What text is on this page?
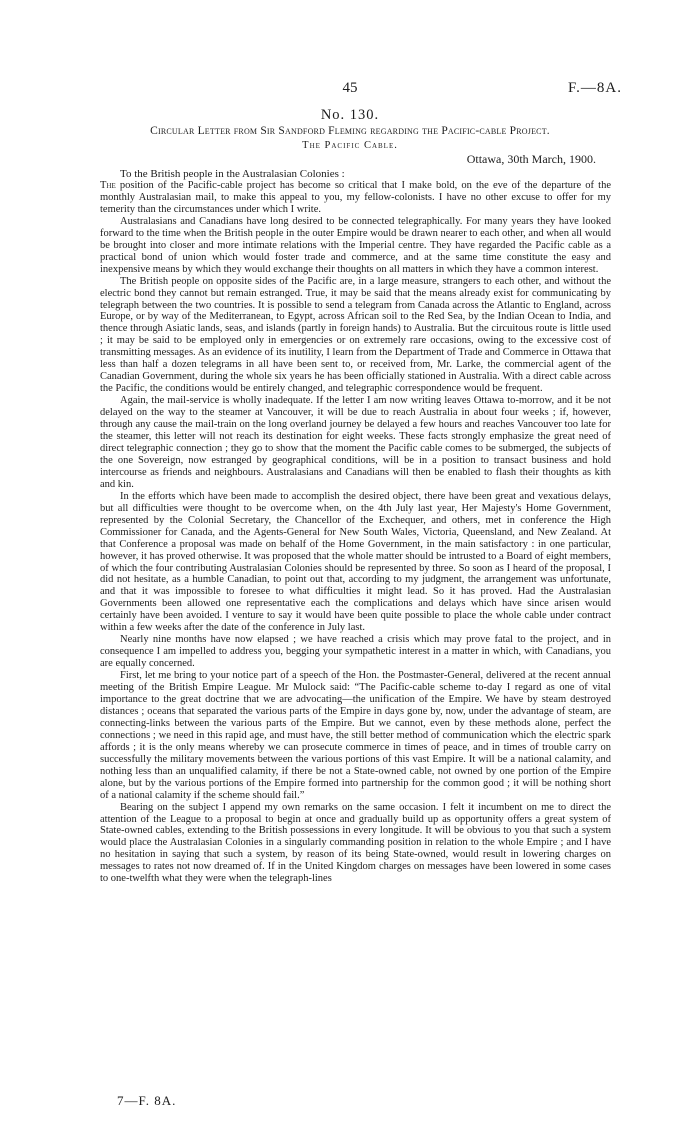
45	F.—8A.
No. 130.
Circular Letter from Sir Sandford Fleming regarding the Pacific-cable Project.
The Pacific Cable.
Ottawa, 30th March, 1900.
To the British people in the Australasian Colonies :

The position of the Pacific-cable project has become so critical that I make bold, on the eve of the departure of the monthly Australasian mail, to make this appeal to you, my fellow-colonists. I have no other excuse to offer for my temerity than the circumstances under which I write.

Australasians and Canadians have long desired to be connected telegraphically. For many years they have looked forward to the time when the British people in the outer Empire would be drawn nearer to each other, and when all would be brought into closer and more intimate relations with the Imperial centre. They have regarded the Pacific cable as a practical bond of union which would foster trade and commerce, and at the same time constitute the easy and inexpensive means by which they would exchange their thoughts on all matters in which they have a common interest.

The British people on opposite sides of the Pacific are, in a large measure, strangers to each other, and without the electric bond they cannot but remain estranged. True, it may be said that the means already exist for communicating by telegraph between the two countries. It is possible to send a telegram from Canada across the Atlantic to England, across Europe, or by way of the Mediterranean, to Egypt, across African soil to the Red Sea, by the Indian Ocean to India, and thence through Asiatic lands, seas, and islands (partly in foreign hands) to Australia. But the circuitous route is little used ; it may be said to be employed only in emergencies or on extremely rare occasions, owing to the excessive cost of transmitting messages. As an evidence of its inutility, I learn from the Department of Trade and Commerce in Ottawa that less than half a dozen telegrams in all have been sent to, or received from, Mr. Larke, the commercial agent of the Canadian Government, during the whole six years he has been officially stationed in Australia. With a direct cable across the Pacific, the conditions would be entirely changed, and telegraphic correspondence would be frequent.

Again, the mail-service is wholly inadequate. If the letter I am now writing leaves Ottawa to-morrow, and it be not delayed on the way to the steamer at Vancouver, it will be due to reach Australia in about four weeks ; if, however, through any cause the mail-train on the long overland journey be delayed a few hours and reaches Vancouver too late for the steamer, this letter will not reach its destination for eight weeks. These facts strongly emphasize the great need of direct telegraphic connection ; they go to show that the moment the Pacific cable comes to be submerged, the subjects of the one Sovereign, now estranged by geographical conditions, will be in a position to transact business and hold intercourse as friends and neighbours. Australasians and Canadians will then be enabled to flash their thoughts as kith and kin.

In the efforts which have been made to accomplish the desired object, there have been great and vexatious delays, but all difficulties were thought to be overcome when, on the 4th July last year, Her Majesty's Home Government, represented by the Colonial Secretary, the Chancellor of the Exchequer, and others, met in conference the High Commissioner for Canada, and the Agents-General for New South Wales, Victoria, Queensland, and New Zealand. At that Conference a proposal was made on behalf of the Home Government, in the main satisfactory : in one particular, however, it has proved otherwise. It was proposed that the whole matter should be intrusted to a Board of eight members, of which the four contributing Australasian Colonies should be represented by three. So soon as I heard of the proposal, I did not hesitate, as a humble Canadian, to point out that, according to my judgment, the arrangement was unfortunate, and that it was impossible to foresee to what difficulties it might lead. So it has proved. Had the Australasian Governments been allowed one representative each the complications and delays which have since arisen would certainly have been avoided. I venture to say it would have been quite possible to place the whole cable under contract within a few weeks after the date of the conference in July last.

Nearly nine months have now elapsed ; we have reached a crisis which may prove fatal to the project, and in consequence I am impelled to address you, begging your sympathetic interest in a matter in which, with Canadians, you are equally concerned.

First, let me bring to your notice part of a speech of the Hon. the Postmaster-General, delivered at the recent annual meeting of the British Empire League. Mr Mulock said: “The Pacific-cable scheme to-day I regard as one of vital importance to the great doctrine that we are advocating—the unification of the Empire. We have by steam destroyed distances ; oceans that separated the various parts of the Empire in days gone by, now, under the advantage of steam, are connecting-links between the various parts of the Empire. But we cannot, even by these methods alone, perfect the connections ; we need in this rapid age, and must have, the still better method of communication which the electric spark affords ; it is the only means whereby we can prosecute commerce in times of peace, and in times of trouble carry on successfully the military movements between the various portions of this vast Empire. It will be a national calamity, and nothing less than an unqualified calamity, if there be not a State-owned cable, not owned by one portion of the Empire alone, but by the various portions of the Empire formed into partnership for the common good ; it will be nothing short of a national calamity if the scheme should fail.”

Bearing on the subject I append my own remarks on the same occasion. I felt it incumbent on me to direct the attention of the League to a proposal to begin at once and gradually build up as opportunity offers a great system of State-owned cables, extending to the British possessions in every longitude. It will be obvious to you that such a system would place the Australasian Colonies in a singularly commanding position in relation to the whole Empire ; and I have no hesitation in saying that such a system, by reason of its being State-owned, would result in lowering charges on messages to rates not now dreamed of. If in the United Kingdom charges on messages have been lowered in some cases to one-twelfth what they were when the telegraph-lines

7—F. 8A.
